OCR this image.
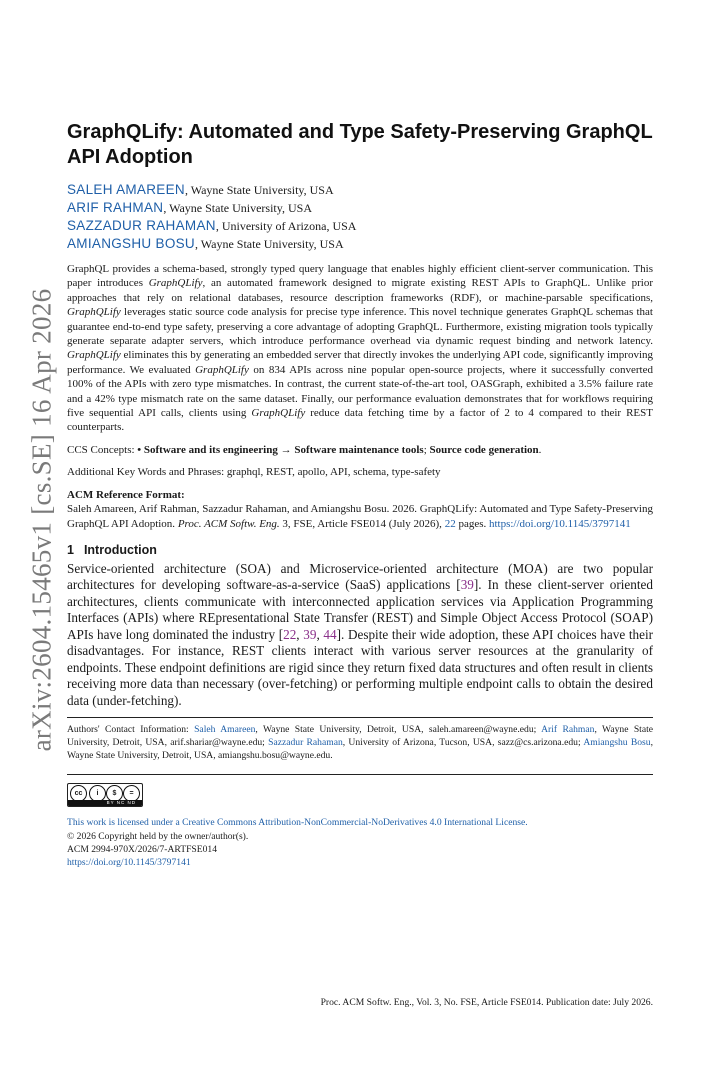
arXiv:2604.15465v1 [cs.SE] 16 Apr 2026
GraphQLify: Automated and Type Safety-Preserving GraphQL API Adoption
SALEH AMAREEN, Wayne State University, USA
ARIF RAHMAN, Wayne State University, USA
SAZZADUR RAHAMAN, University of Arizona, USA
AMIANGSHU BOSU, Wayne State University, USA
GraphQL provides a schema-based, strongly typed query language that enables highly efficient client-server communication. This paper introduces GraphQLify, an automated framework designed to migrate existing REST APIs to GraphQL. Unlike prior approaches that rely on relational databases, resource description frameworks (RDF), or machine-parsable specifications, GraphQLify leverages static source code analysis for precise type inference. This novel technique generates GraphQL schemas that guarantee end-to-end type safety, preserving a core advantage of adopting GraphQL. Furthermore, existing migration tools typically generate separate adapter servers, which introduce performance overhead via dynamic request binding and network latency. GraphQLify eliminates this by generating an embedded server that directly invokes the underlying API code, significantly improving performance. We evaluated GraphQLify on 834 APIs across nine popular open-source projects, where it successfully converted 100% of the APIs with zero type mismatches. In contrast, the current state-of-the-art tool, OASGraph, exhibited a 3.5% failure rate and a 42% type mismatch rate on the same dataset. Finally, our performance evaluation demonstrates that for workflows requiring five sequential API calls, clients using GraphQLify reduce data fetching time by a factor of 2 to 4 compared to their REST counterparts.
CCS Concepts: • Software and its engineering → Software maintenance tools; Source code generation.
Additional Key Words and Phrases: graphql, REST, apollo, API, schema, type-safety
ACM Reference Format:
Saleh Amareen, Arif Rahman, Sazzadur Rahaman, and Amiangshu Bosu. 2026. GraphQLify: Automated and Type Safety-Preserving GraphQL API Adoption. Proc. ACM Softw. Eng. 3, FSE, Article FSE014 (July 2026), 22 pages. https://doi.org/10.1145/3797141
1 Introduction
Service-oriented architecture (SOA) and Microservice-oriented architecture (MOA) are two popular architectures for developing software-as-a-service (SaaS) applications [39]. In these client-server oriented architectures, clients communicate with interconnected application services via Application Programming Interfaces (APIs) where REpresentational State Transfer (REST) and Simple Object Access Protocol (SOAP) APIs have long dominated the industry [22, 39, 44]. Despite their wide adoption, these API choices have their disadvantages. For instance, REST clients interact with various server resources at the granularity of endpoints. These endpoint definitions are rigid since they return fixed data structures and often result in clients receiving more data than necessary (over-fetching) or performing multiple endpoint calls to obtain the desired data (under-fetching).
Authors' Contact Information: Saleh Amareen, Wayne State University, Detroit, USA, saleh.amareen@wayne.edu; Arif Rahman, Wayne State University, Detroit, USA, arif.shariar@wayne.edu; Sazzadur Rahaman, University of Arizona, Tucson, USA, sazz@cs.arizona.edu; Amiangshu Bosu, Wayne State University, Detroit, USA, amiangshu.bosu@wayne.edu.
cc	i	$	=
BY NC ND
This work is licensed under a Creative Commons Attribution-NonCommercial-NoDerivatives 4.0 International License.
© 2026 Copyright held by the owner/author(s).
ACM 2994-970X/2026/7-ARTFSE014
https://doi.org/10.1145/3797141
Proc. ACM Softw. Eng., Vol. 3, No. FSE, Article FSE014. Publication date: July 2026.
